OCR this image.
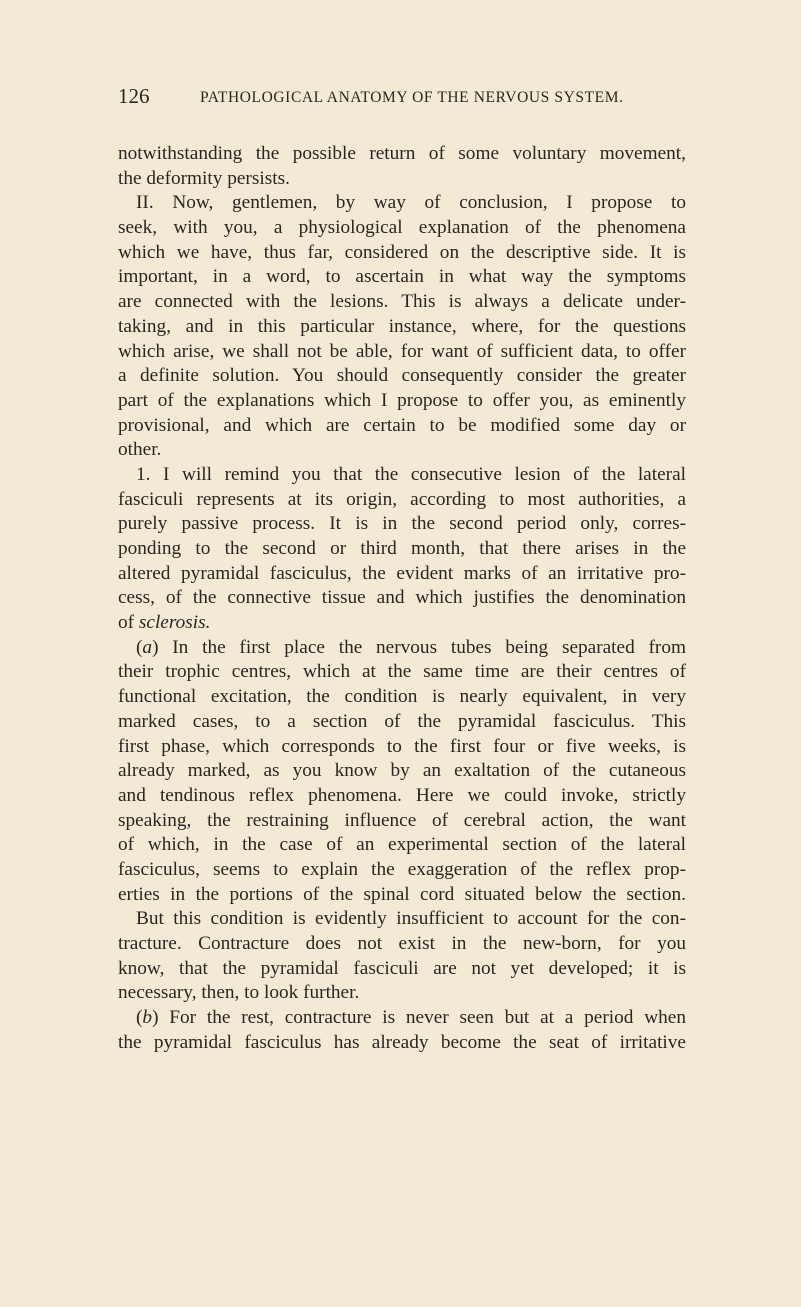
126	PATHOLOGICAL ANATOMY OF THE NERVOUS SYSTEM.
notwithstanding the possible return of some voluntary movement,
the deformity persists.
II. Now, gentlemen, by way of conclusion, I propose to
seek, with you, a physiological explanation of the phenomena
which we have, thus far, considered on the descriptive side. It is
important, in a word, to ascertain in what way the symptoms
are connected with the lesions. This is always a delicate under-
taking, and in this particular instance, where, for the questions
which arise, we shall not be able, for want of sufficient data, to offer
a definite solution. You should consequently consider the greater
part of the explanations which I propose to offer you, as eminently
provisional, and which are certain to be modified some day or
other.
1. I will remind you that the consecutive lesion of the lateral
fasciculi represents at its origin, according to most authorities, a
purely passive process. It is in the second period only, corres-
ponding to the second or third month, that there arises in the
altered pyramidal fasciculus, the evident marks of an irritative pro-
cess, of the connective tissue and which justifies the denomination
of sclerosis.
(a) In the first place the nervous tubes being separated from
their trophic centres, which at the same time are their centres of
functional excitation, the condition is nearly equivalent, in very
marked cases, to a section of the pyramidal fasciculus. This
first phase, which corresponds to the first four or five weeks, is
already marked, as you know by an exaltation of the cutaneous
and tendinous reflex phenomena. Here we could invoke, strictly
speaking, the restraining influence of cerebral action, the want
of which, in the case of an experimental section of the lateral
fasciculus, seems to explain the exaggeration of the reflex prop-
erties in the portions of the spinal cord situated below the section.
But this condition is evidently insufficient to account for the con-
tracture. Contracture does not exist in the new-born, for you
know, that the pyramidal fasciculi are not yet developed; it is
necessary, then, to look further.
(b) For the rest, contracture is never seen but at a period when
the pyramidal fasciculus has already become the seat of irritative
